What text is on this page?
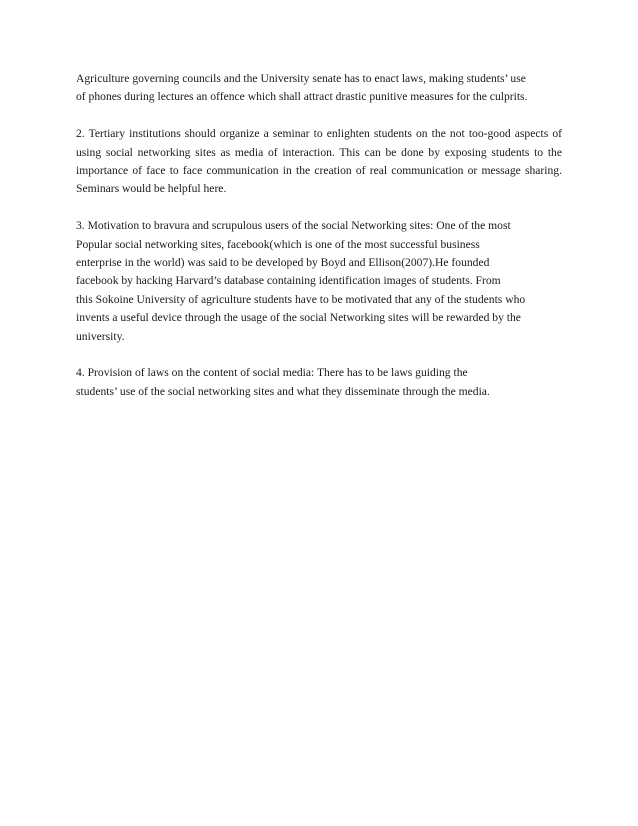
Agriculture governing councils and the University senate has to enact laws, making students’ use
of phones during lectures an offence which shall attract drastic punitive measures for the culprits.

2. Tertiary institutions should organize a seminar to enlighten students on the not too-good aspects of using social networking sites as media of interaction. This can be done by exposing students to the importance of face to face communication in the creation of real communication or message sharing. Seminars would be helpful here.

3. Motivation to bravura and scrupulous users of the social Networking sites: One of the most
Popular social networking sites, facebook(which is one of the most successful business
enterprise in the world) was said to be developed by Boyd and Ellison(2007).He founded
facebook by hacking Harvard’s database containing identification images of students. From
this Sokoine University of agriculture students have to be motivated that any of the students who
invents a useful device through the usage of the social Networking sites will be rewarded by the
university.

4. Provision of laws on the content of social media: There has to be laws guiding the
students’ use of the social networking sites and what they disseminate through the media.
